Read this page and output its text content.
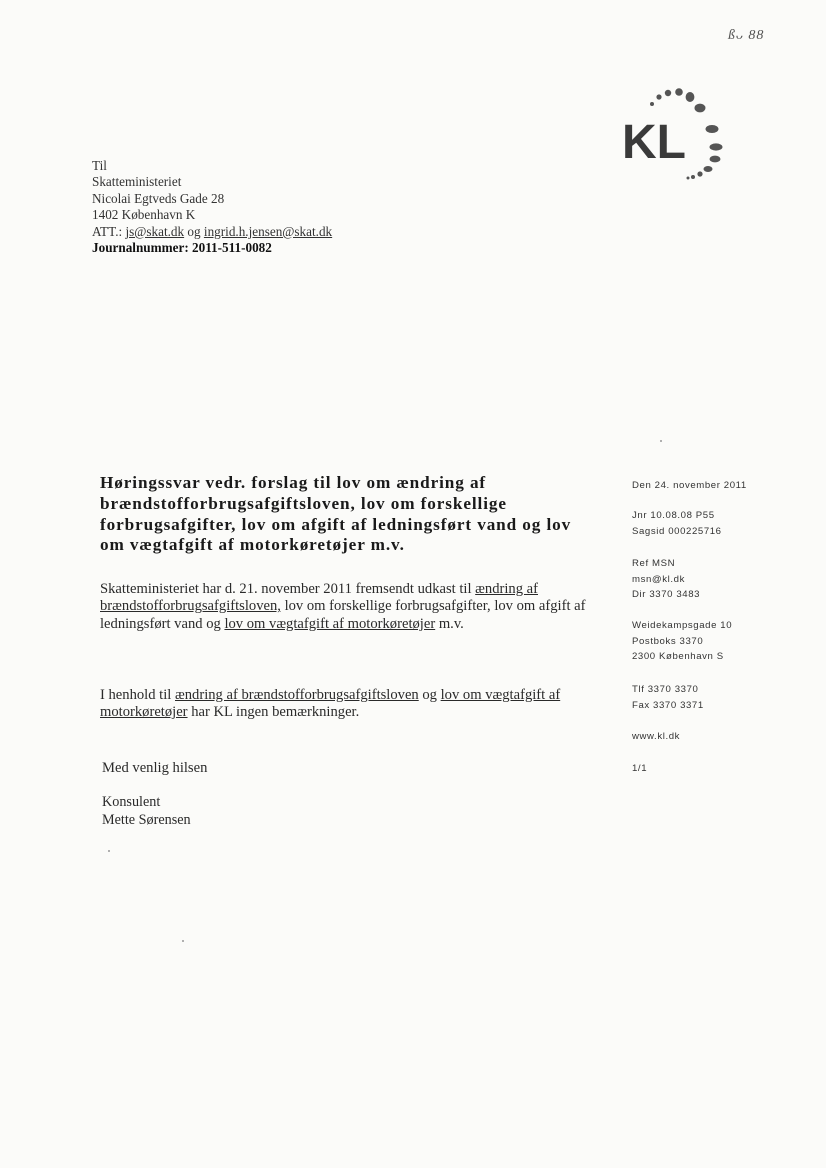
ßᴗ 88
KL
Til
Skatteministeriet
Nicolai Egtveds Gade 28
1402 København K
ATT.: js@skat.dk og ingrid.h.jensen@skat.dk
Journalnummer: 2011-511-0082
Høringssvar vedr. forslag til lov om ændring af brændstofforbrugsafgiftsloven, lov om forskellige forbrugsafgifter, lov om afgift af ledningsført vand og lov om vægtafgift af motorkøretøjer m.v.
Skatteministeriet har d. 21. november 2011 fremsendt udkast til ændring af brændstofforbrugsafgiftsloven, lov om forskellige forbrugsafgifter, lov om afgift af ledningsført vand og lov om vægtafgift af motorkøretøjer m.v.
I henhold til ændring af brændstofforbrugsafgiftsloven og lov om vægtafgift af motorkøretøjer har KL ingen bemærkninger.
Med venlig hilsen
Konsulent
Mette Sørensen
Den 24. november 2011
Jnr 10.08.08 P55
Sagsid 000225716
Ref MSN
msn@kl.dk
Dir 3370 3483
Weidekampsgade 10
Postboks 3370
2300 København S
Tlf 3370 3370
Fax 3370 3371
www.kl.dk
1/1
